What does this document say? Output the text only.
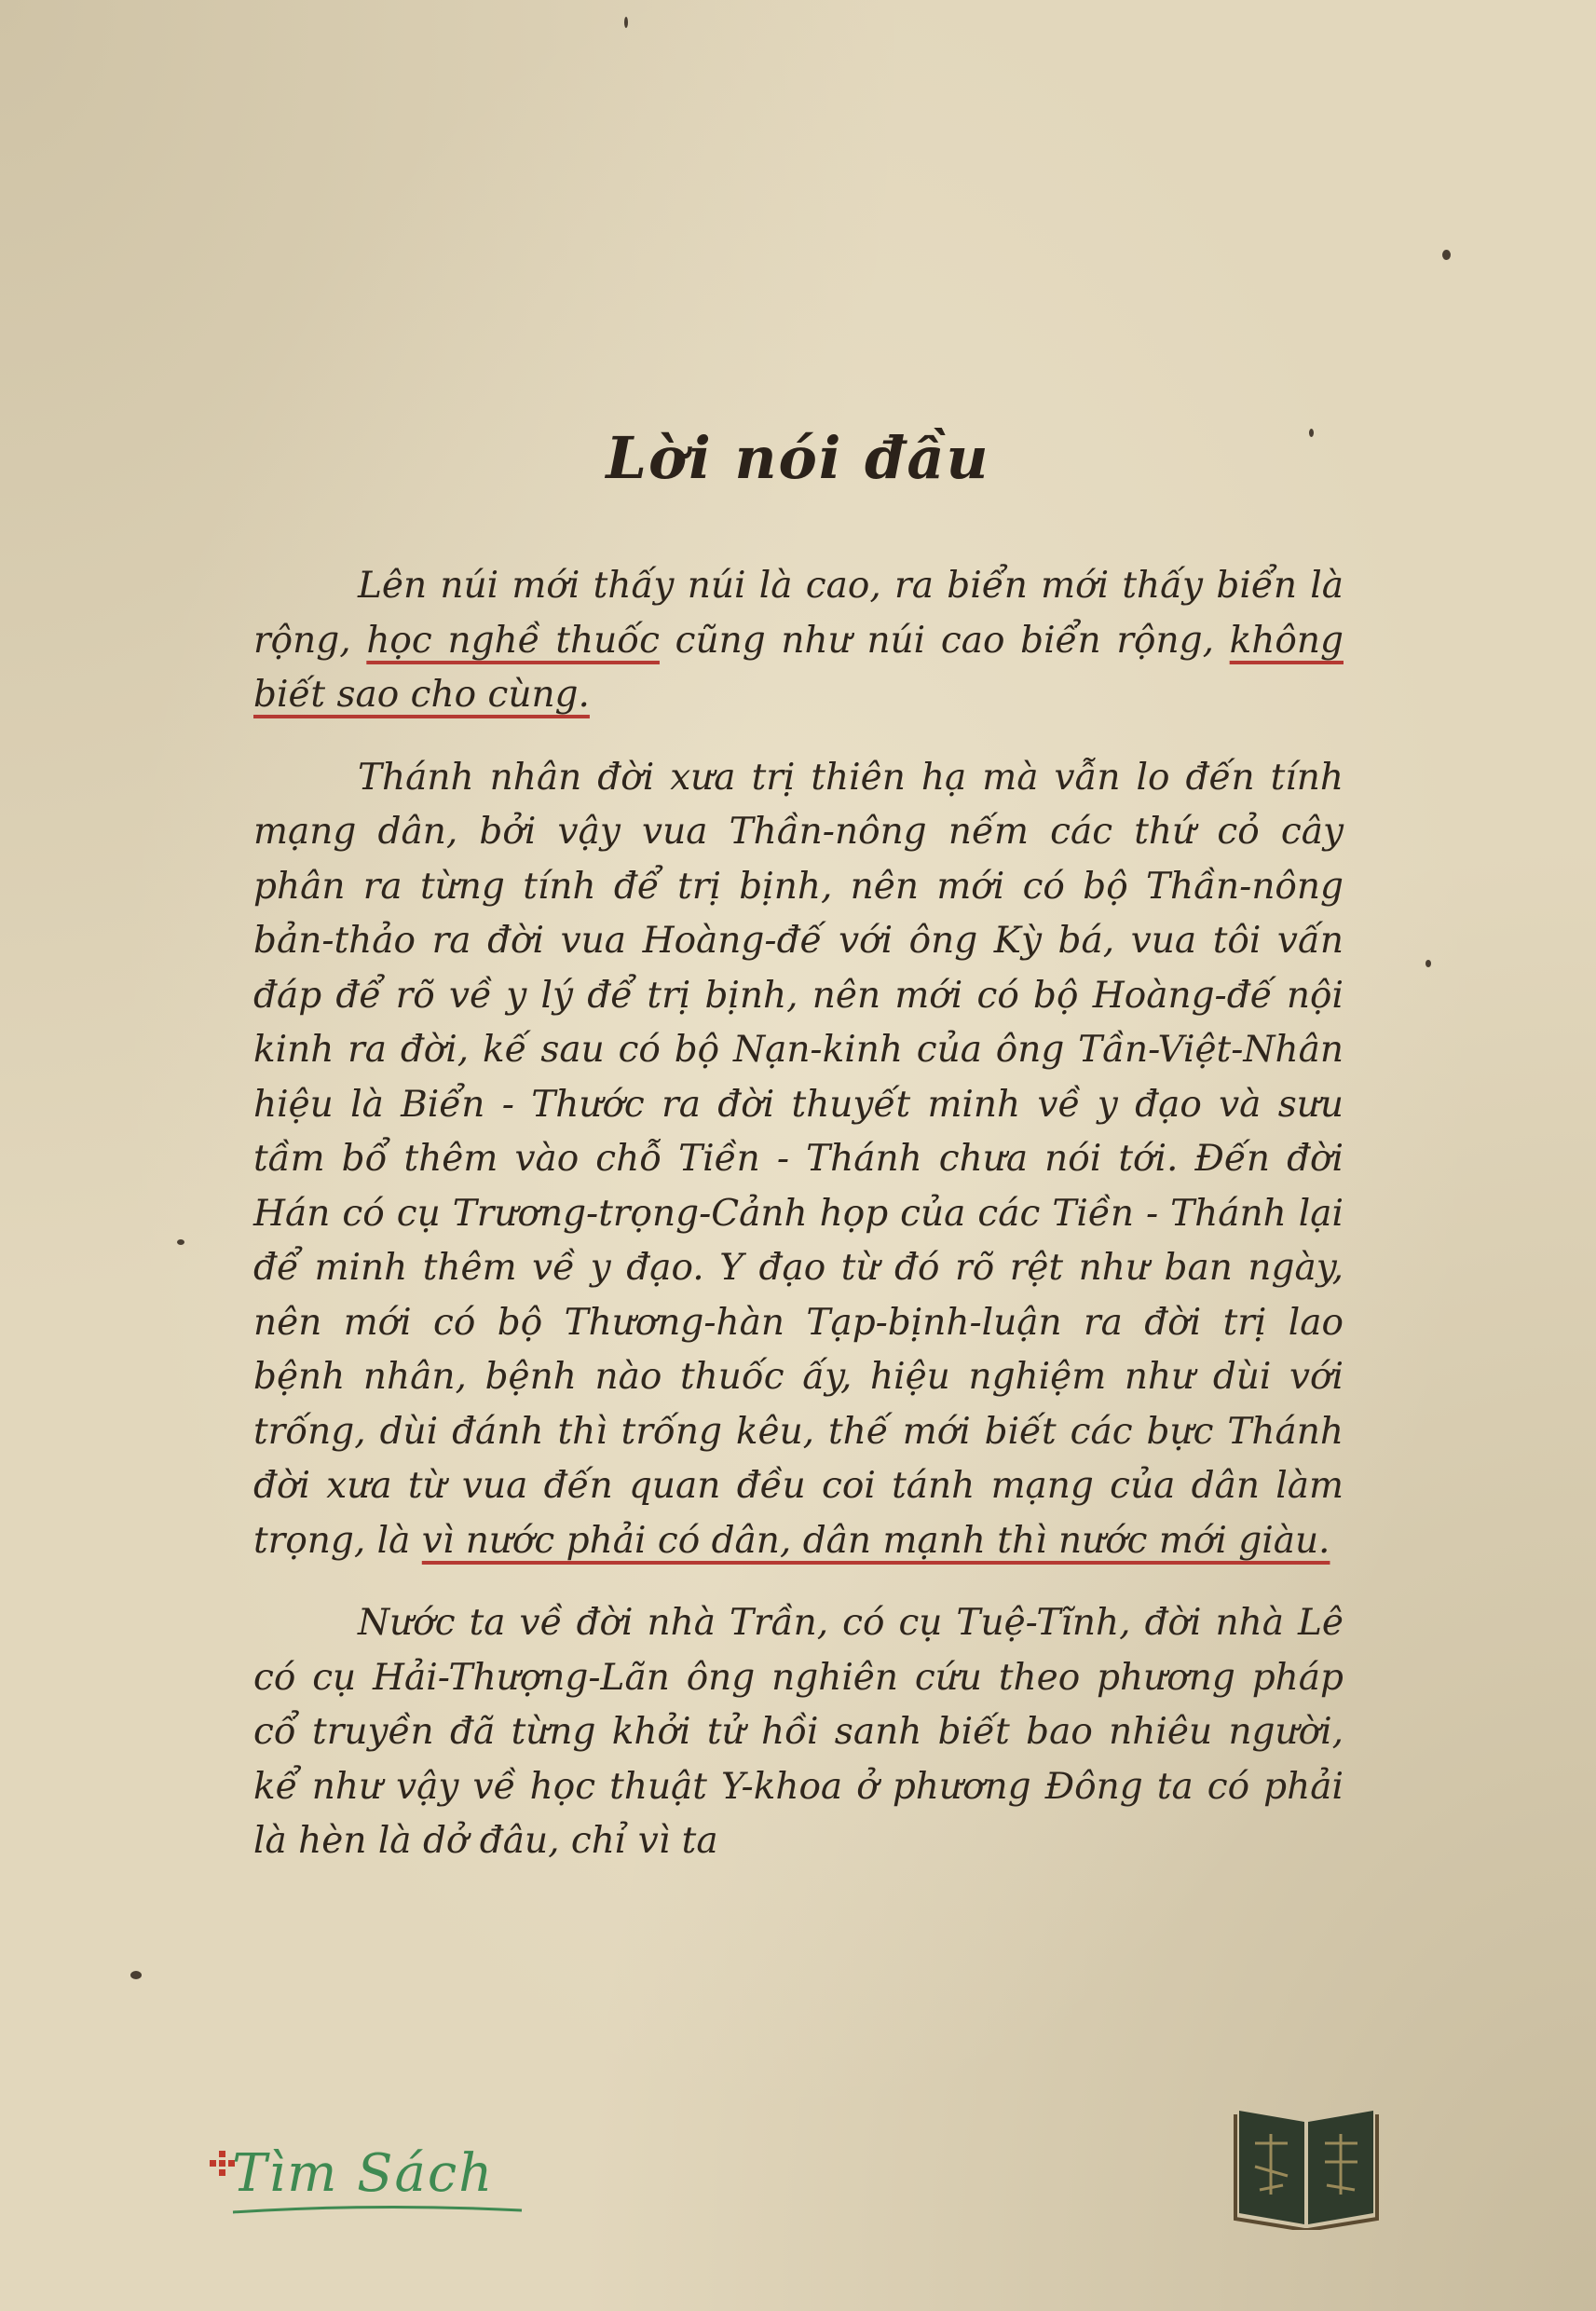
Lời nói đầu

Lên núi mới thấy núi là cao, ra biển mới thấy biển là rộng, học nghề thuốc cũng như núi cao biển rộng, không biết sao cho cùng.

Thánh nhân đời xưa trị thiên hạ mà vẫn lo đến tính mạng dân, bởi vậy vua Thần-nông nếm các thứ cỏ cây phân ra từng tính để trị bịnh, nên mới có bộ Thần-nông bản-thảo ra đời vua Hoàng-đế với ông Kỳ bá, vua tôi vấn đáp để rõ về y lý để trị bịnh, nên mới có bộ Hoàng-đế nội kinh ra đời, kế sau có bộ Nạn-kinh của ông Tần-Việt-Nhân hiệu là Biển - Thước ra đời thuyết minh về y đạo và sưu tầm bổ thêm vào chỗ Tiền - Thánh chưa nói tới. Đến đời Hán có cụ Trương-trọng-Cảnh họp của các Tiền - Thánh lại để minh thêm về y đạo. Y đạo từ đó rõ rệt như ban ngày, nên mới có bộ Thương-hàn Tạp-bịnh-luận ra đời trị lao bệnh nhân, bệnh nào thuốc ấy, hiệu nghiệm như dùi với trống, dùi đánh thì trống kêu, thế mới biết các bực Thánh đời xưa từ vua đến quan đều coi tánh mạng của dân làm trọng, là vì nước phải có dân, dân mạnh thì nước mới giàu.

Nước ta về đời nhà Trần, có cụ Tuệ-Tĩnh, đời nhà Lê có cụ Hải-Thượng-Lãn ông nghiên cứu theo phương pháp cổ truyền đã từng khởi tử hồi sanh biết bao nhiêu người, kể như vậy về học thuật Y-khoa ở phương Đông ta có phải là hèn là dở đâu, chỉ vì ta

Tìm Sách
